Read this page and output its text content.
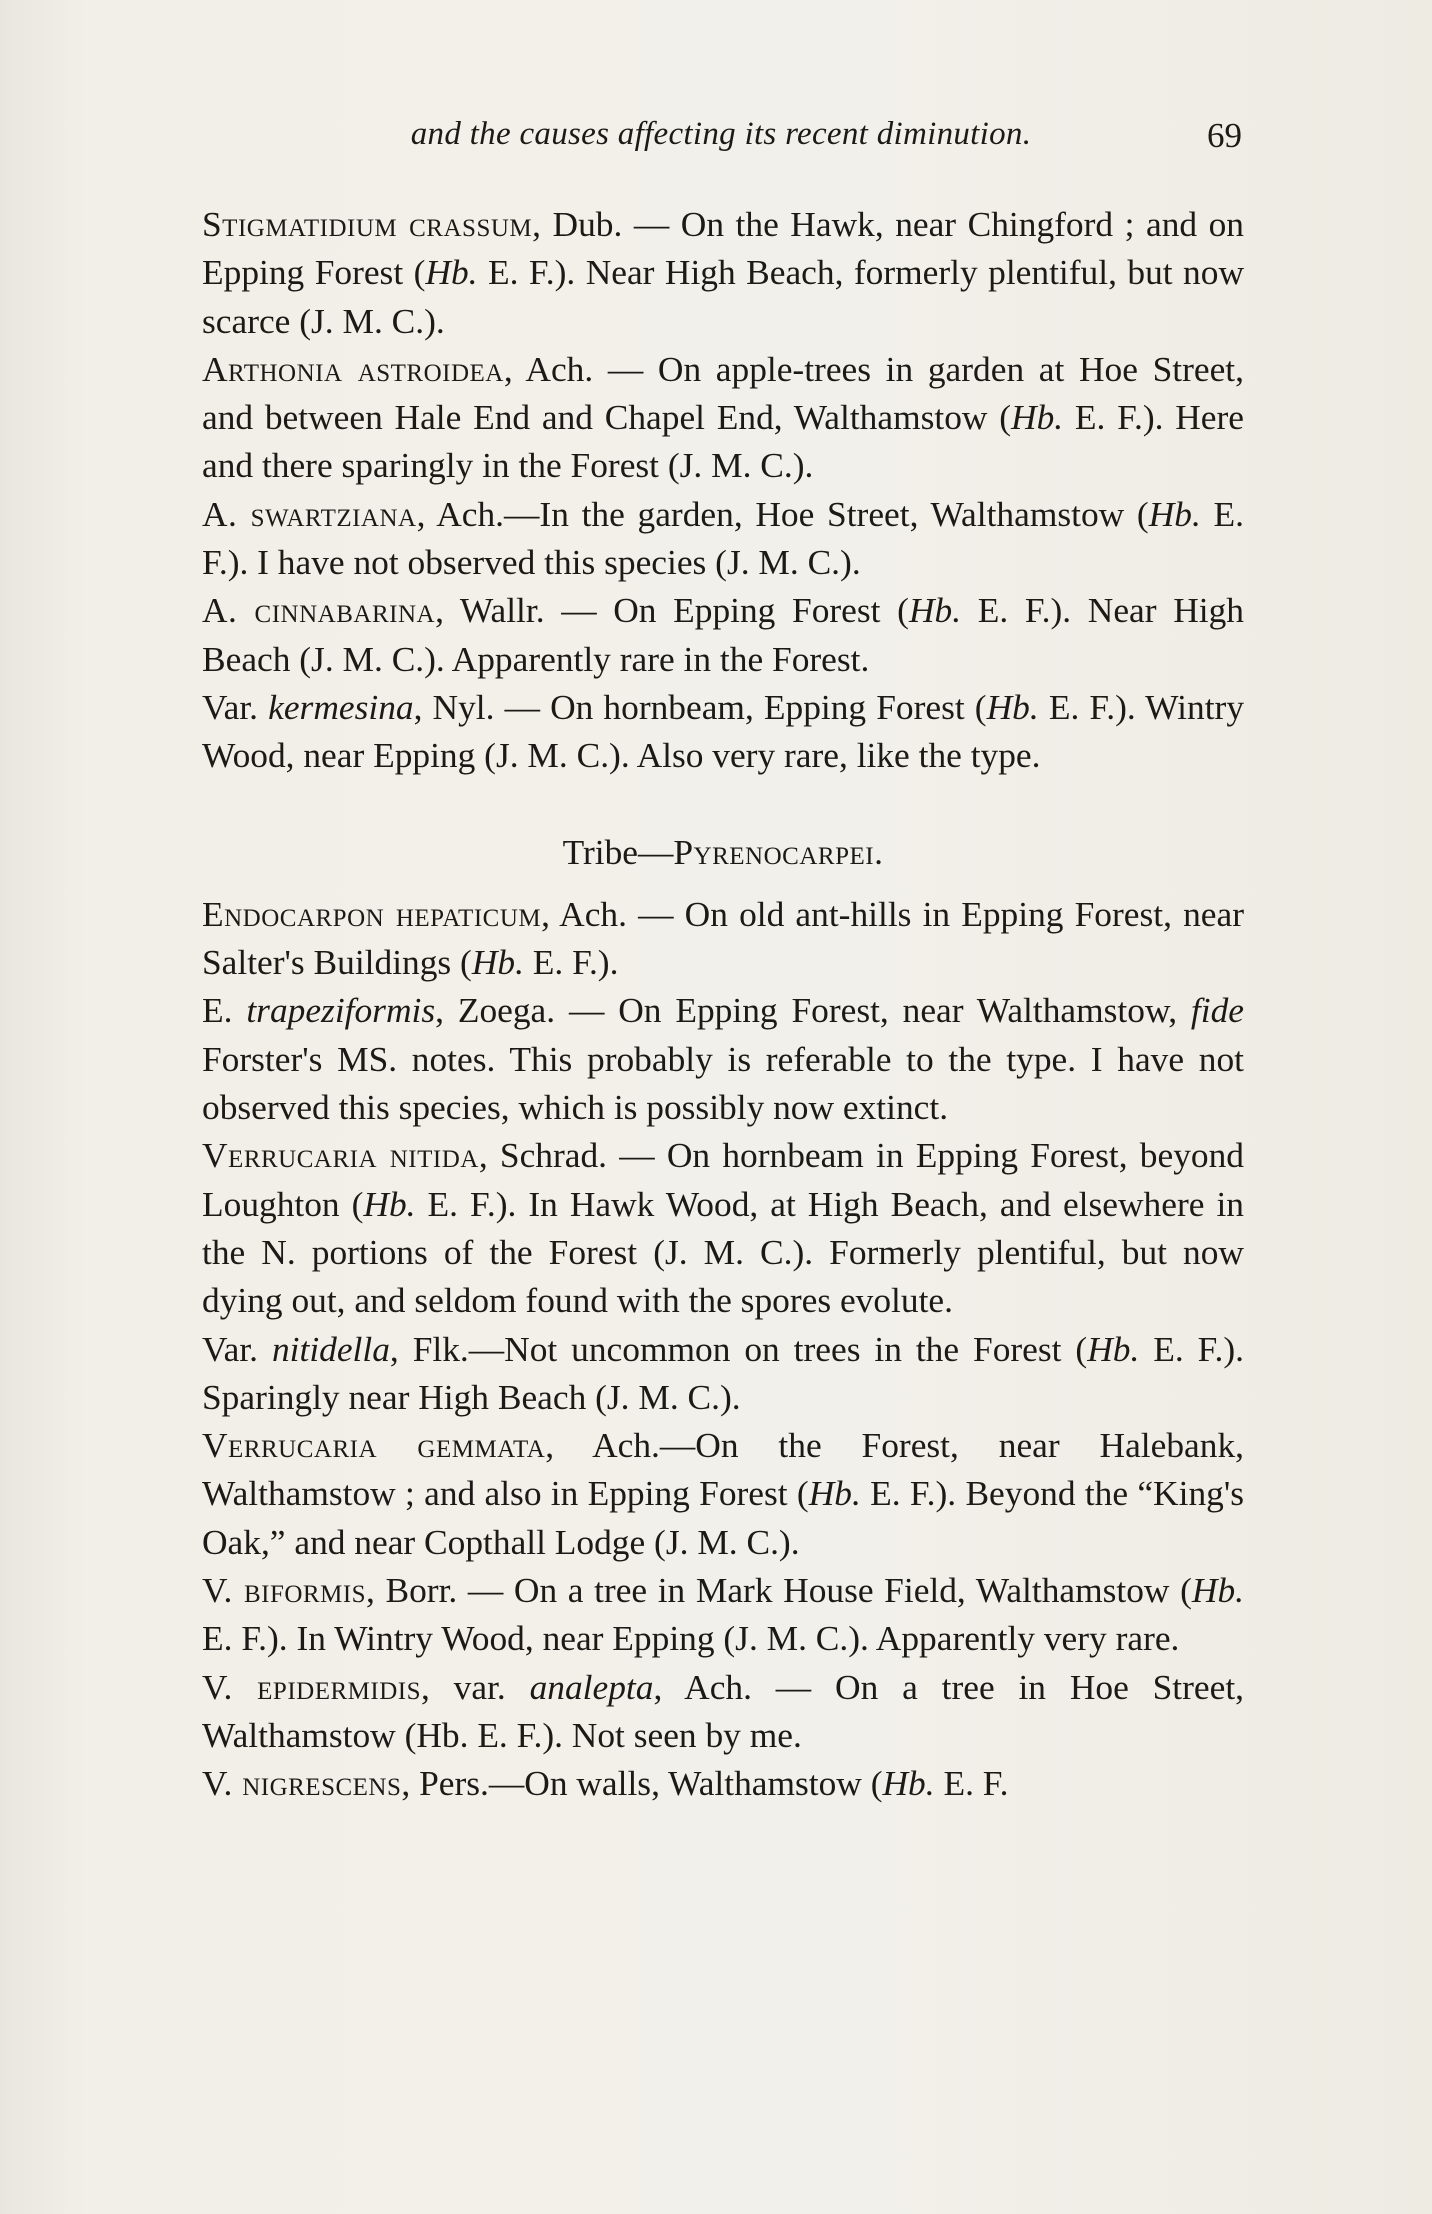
and the causes affecting its recent diminution.	69

Stigmatidium crassum, Dub. — On the Hawk, near Chingford ; and on Epping Forest (Hb. E. F.). Near High Beach, formerly plentiful, but now scarce (J. M. C.).

Arthonia astroidea, Ach. — On apple-trees in garden at Hoe Street, and between Hale End and Chapel End, Walthamstow (Hb. E. F.). Here and there sparingly in the Forest (J. M. C.).

A. swartziana, Ach.—In the garden, Hoe Street, Walthamstow (Hb. E. F.). I have not observed this species (J. M. C.).

A. cinnabarina, Wallr. — On Epping Forest (Hb. E. F.). Near High Beach (J. M. C.). Apparently rare in the Forest.

Var. kermesina, Nyl. — On hornbeam, Epping Forest (Hb. E. F.). Wintry Wood, near Epping (J. M. C.). Also very rare, like the type.

Tribe—Pyrenocarpei.

Endocarpon hepaticum, Ach. — On old ant-hills in Epping Forest, near Salter's Buildings (Hb. E. F.).

E. trapeziformis, Zoega. — On Epping Forest, near Walthamstow, fide Forster's MS. notes. This probably is referable to the type. I have not observed this species, which is possibly now extinct.

Verrucaria nitida, Schrad. — On hornbeam in Epping Forest, beyond Loughton (Hb. E. F.). In Hawk Wood, at High Beach, and elsewhere in the N. portions of the Forest (J. M. C.). Formerly plentiful, but now dying out, and seldom found with the spores evolute.

Var. nitidella, Flk.—Not uncommon on trees in the Forest (Hb. E. F.). Sparingly near High Beach (J. M. C.).

Verrucaria gemmata, Ach.—On the Forest, near Halebank, Walthamstow ; and also in Epping Forest (Hb. E. F.). Beyond the “King's Oak,” and near Copthall Lodge (J. M. C.).

V. biformis, Borr. — On a tree in Mark House Field, Walthamstow (Hb. E. F.). In Wintry Wood, near Epping (J. M. C.). Apparently very rare.

V. epidermidis, var. analepta, Ach. — On a tree in Hoe Street, Walthamstow (Hb. E. F.). Not seen by me.

V. nigrescens, Pers.—On walls, Walthamstow (Hb. E. F.
